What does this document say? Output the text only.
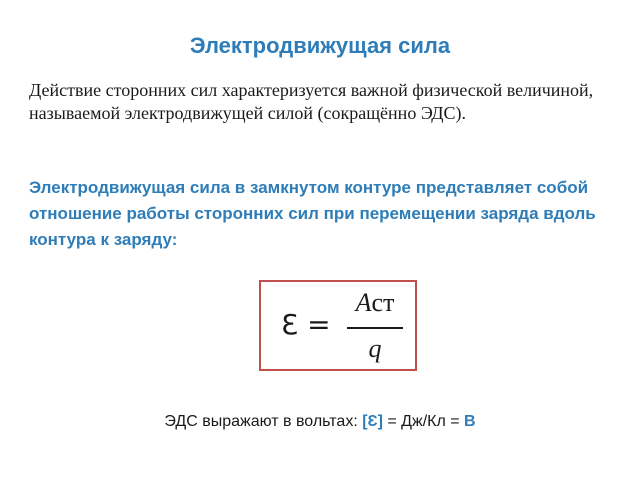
Электродвижущая сила
Действие сторонних сил характеризуется важной физической величиной, называемой электродвижущей силой (сокращённо ЭДС).
Электродвижущая сила в замкнутом контуре представляет собой отношение работы сторонних сил при перемещении заряда вдоль контура к заряду:
Ɛ =
Aст
q
ЭДС выражают в вольтах: [Ɛ] = Дж/Кл = В
